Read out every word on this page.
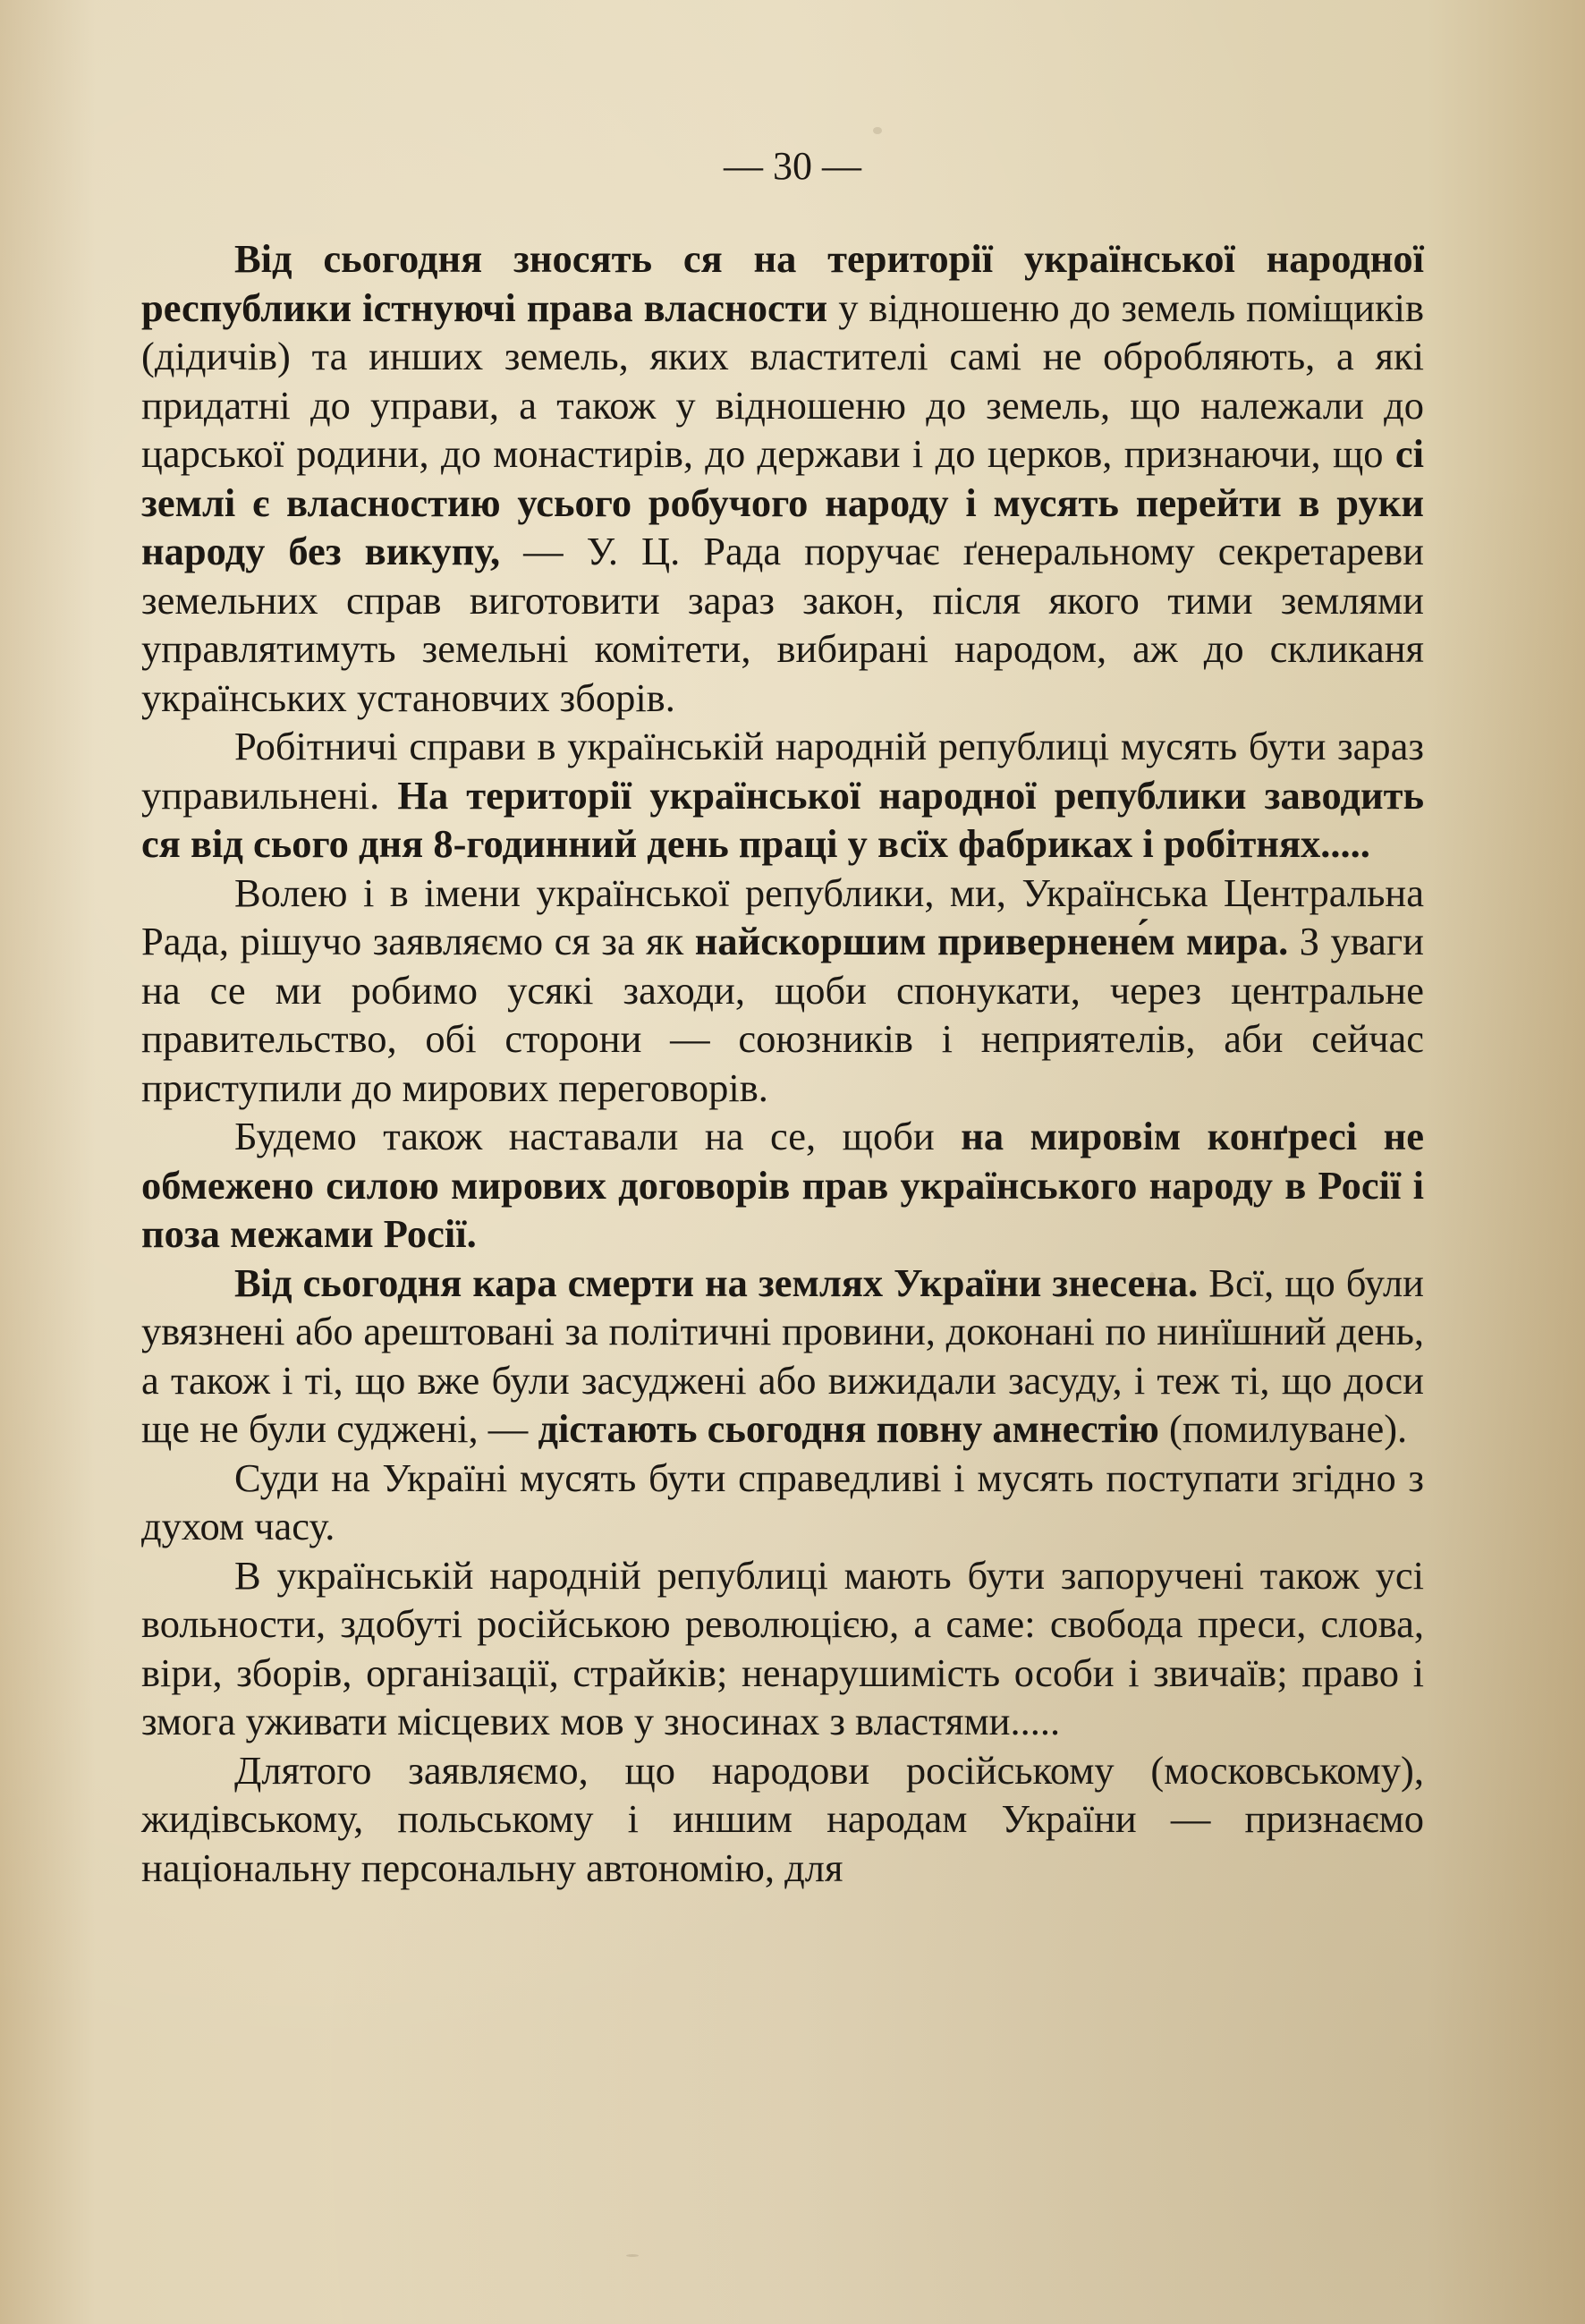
— 30 —

Від сьогодня зносять ся на території української народної республики істнуючі права власности у відношеню до земель поміщиків (дідичів) та инших земель, яких властителі самі не обробляють, а які придатні до управи, а також у відношеню до земель, що належали до царської родини, до монастирів, до держави і до церков, признаючи, що сі землі є власностию усього робучого народу і мусять перейти в руки народу без викупу, — У. Ц. Рада поручає ґенеральному секретареви земельних справ виготовити зараз закон, після якого тими землями управлятимуть земельні комітети, вибирані народом, аж до скликаня українських установчих зборів.

Робітничі справи в українській народній републиці мусять бути зараз управильнені. На території української народної републики заводить ся від сього дня 8-годинний день праці у всїх фабриках і робітнях.....

Волею і в імени української републики, ми, Українська Центральна Рада, рішучо заявляємо ся за як найскоршим привернене́м мира. З уваги на се ми робимо усякі заходи, щоби спонукати, через центральне правительство, обі сторони — союзників і неприятелів, аби сейчас приступили до мирових переговорів.

Будемо також наставали на се, щоби на мировім конґресі не обмежено силою мирових договорів прав українського народу в Росії і поза межами Росії.

Від сьогодня кара смерти на землях України знесена. Всї, що були увязнені або арештовані за політичні провини, доконані по нинїшний день, а також і ті, що вже були засуджені або вижидали засуду, і теж ті, що доси ще не були суджені, — дістають сьогодня повну амнестію (помилуване).

Суди на Україні мусять бути справедливі і мусять поступати згідно з духом часу.

В українській народній републиці мають бути запоручені також усі вольности, здобуті російською революцією, а саме: свобода преси, слова, віри, зборів, організації, страйків; ненарушимість особи і звичаїв; право і змога уживати місцевих мов у зносинах з властями.....

Длятого заявляємо, що народови російському (московському), жидівському, польському і иншим народам України — признаємо національну персональну автономію, для
